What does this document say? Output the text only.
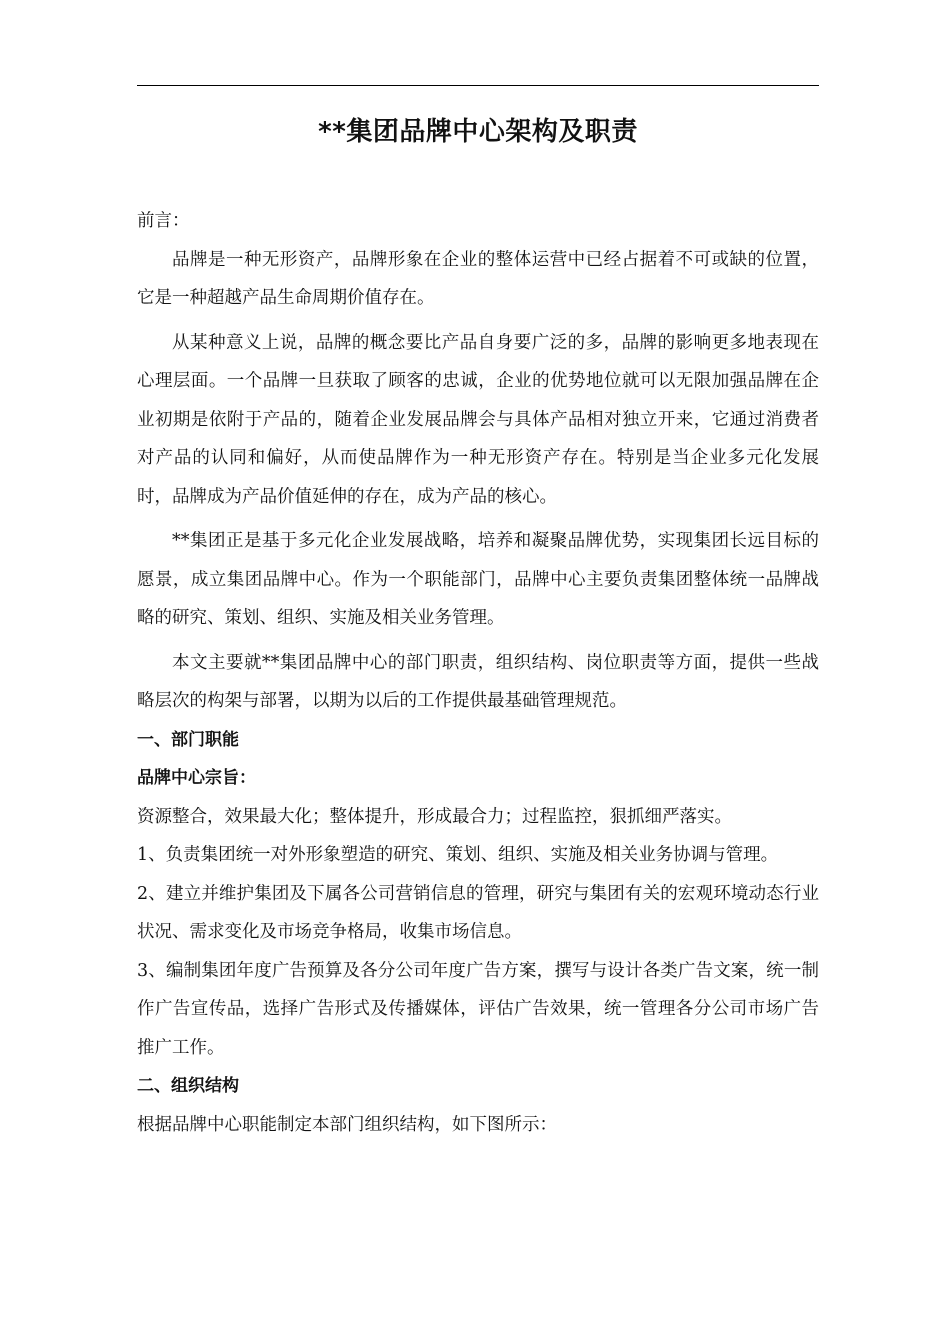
**集团品牌中心架构及职责

前言：

品牌是一种无形资产，品牌形象在企业的整体运营中已经占据着不可或缺的位置， 它是一种超越产品生命周期价值存在。

从某种意义上说，品牌的概念要比产品自身要广泛的多，品牌的影响更多地表现在心理层面。一个品牌一旦获取了顾客的忠诚，企业的优势地位就可以无限加强品牌在企业初期是依附于产品的，随着企业发展品牌会与具体产品相对独立开来，它通过消费者对产品的认同和偏好，从而使品牌作为一种无形资产存在。特别是当企业多元化发展时，品牌成为产品价值延伸的存在，成为产品的核心。

**集团正是基于多元化企业发展战略，培养和凝聚品牌优势，实现集团长远目标的愿景，成立集团品牌中心。作为一个职能部门，品牌中心主要负责集团整体统一品牌战略的研究、策划、组织、实施及相关业务管理。

本文主要就**集团品牌中心的部门职责，组织结构、岗位职责等方面，提供一些战略层次的构架与部署，以期为以后的工作提供最基础管理规范。

一、部门职能

品牌中心宗旨：

资源整合，效果最大化；整体提升，形成最合力；过程监控，狠抓细严落实。

1、负责集团统一对外形象塑造的研究、策划、组织、实施及相关业务协调与管理。

2、建立并维护集团及下属各公司营销信息的管理，研究与集团有关的宏观环境动态行业状况、需求变化及市场竞争格局，收集市场信息。

3、编制集团年度广告预算及各分公司年度广告方案，撰写与设计各类广告文案，统一制作广告宣传品，选择广告形式及传播媒体，评估广告效果，统一管理各分公司市场广告推广工作。

二、组织结构

根据品牌中心职能制定本部门组织结构，如下图所示：
